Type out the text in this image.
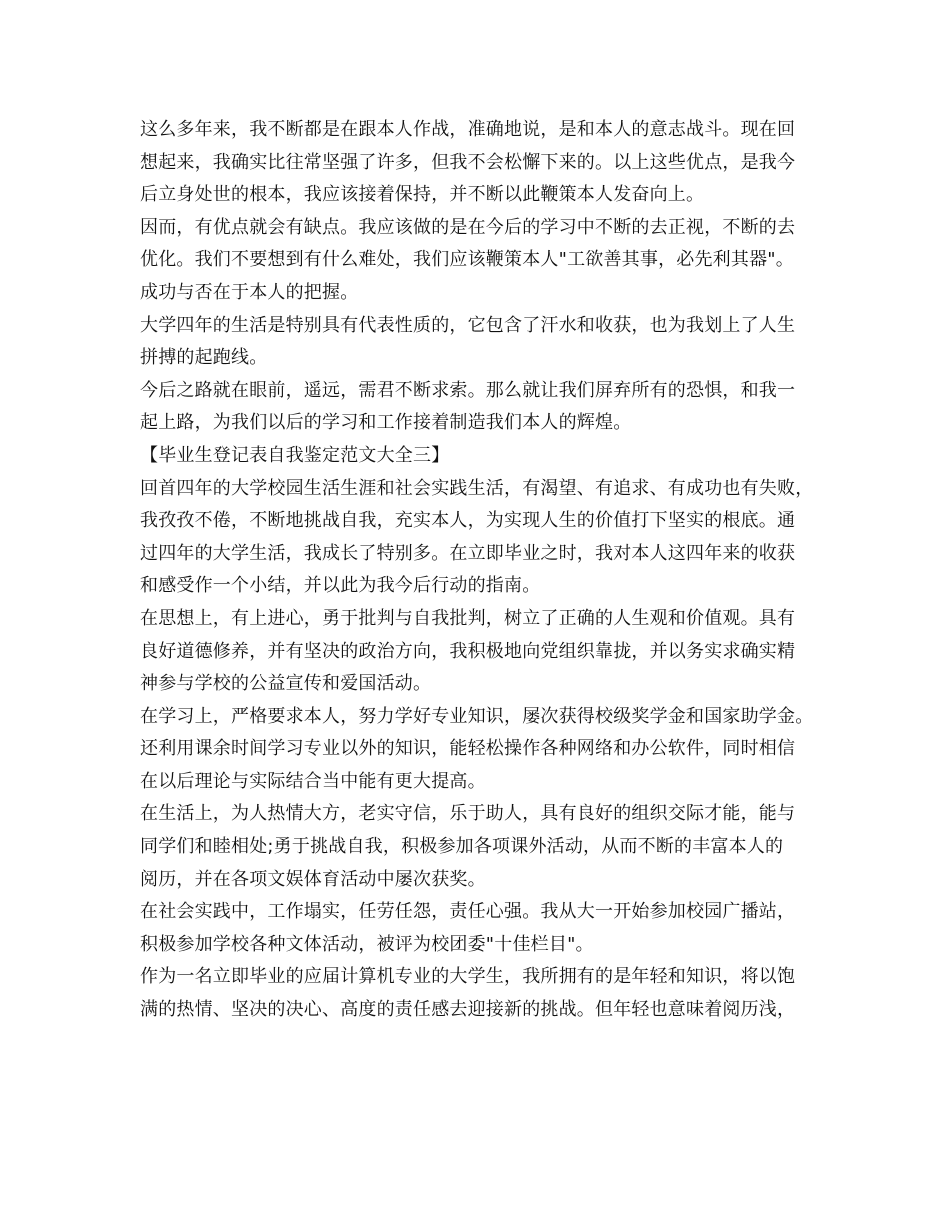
这么多年来，我不断都是在跟本人作战，准确地说，是和本人的意志战斗。现在回
想起来，我确实比往常坚强了许多，但我不会松懈下来的。以上这些优点，是我今
后立身处世的根本，我应该接着保持，并不断以此鞭策本人发奋向上。
因而，有优点就会有缺点。我应该做的是在今后的学习中不断的去正视，不断的去
优化。我们不要想到有什么难处，我们应该鞭策本人"工欲善其事，必先利其器"。
成功与否在于本人的把握。
大学四年的生活是特别具有代表性质的，它包含了汗水和收获，也为我划上了人生
拼搏的起跑线。
今后之路就在眼前，遥远，需君不断求索。那么就让我们屏弃所有的恐惧，和我一
起上路，为我们以后的学习和工作接着制造我们本人的辉煌。
【毕业生登记表自我鉴定范文大全三】
回首四年的大学校园生活生涯和社会实践生活，有渴望、有追求、有成功也有失败，
我孜孜不倦，不断地挑战自我，充实本人，为实现人生的价值打下坚实的根底。通
过四年的大学生活，我成长了特别多。在立即毕业之时，我对本人这四年来的收获
和感受作一个小结，并以此为我今后行动的指南。
在思想上，有上进心，勇于批判与自我批判，树立了正确的人生观和价值观。具有
良好道德修养，并有坚决的政治方向，我积极地向党组织靠拢，并以务实求确实精
神参与学校的公益宣传和爱国活动。
在学习上，严格要求本人，努力学好专业知识，屡次获得校级奖学金和国家助学金。
还利用课余时间学习专业以外的知识，能轻松操作各种网络和办公软件，同时相信
在以后理论与实际结合当中能有更大提高。
在生活上，为人热情大方，老实守信，乐于助人，具有良好的组织交际才能，能与
同学们和睦相处;勇于挑战自我，积极参加各项课外活动，从而不断的丰富本人的
阅历，并在各项文娱体育活动中屡次获奖。
在社会实践中，工作塌实，任劳任怨，责任心强。我从大一开始参加校园广播站，
积极参加学校各种文体活动，被评为校团委"十佳栏目"。
作为一名立即毕业的应届计算机专业的大学生，我所拥有的是年轻和知识，将以饱
满的热情、坚决的决心、高度的责任感去迎接新的挑战。但年轻也意味着阅历浅，
